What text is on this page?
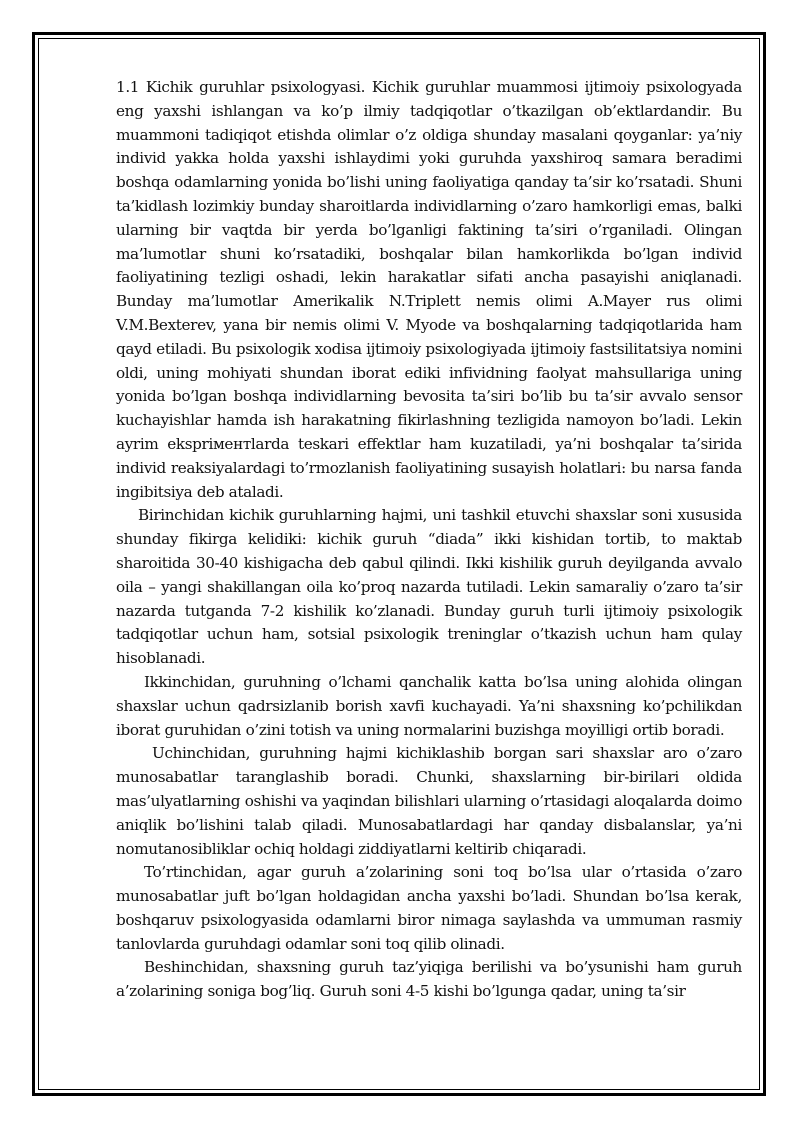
1.1 Kichik guruhlar psixologyasi. Kichik guruhlar muammosi ijtimoiy psixologyada eng yaxshi ishlangan va ko’p ilmiy tadqiqotlar o’tkazilgan ob’ektlardandir. Bu muammoni tadiqiqot etishda olimlar o’z oldiga shunday masalani qoyganlar: ya’niy individ yakka holda yaxshi ishlaydimi yoki guruhda yaxshiroq samara beradimi boshqa odamlarning yonida bo’lishi uning faoliyatiga qanday ta’sir ko’rsatadi. Shuni ta’kidlash lozimkiy bunday sharoitlarda individlarning o’zaro hamkorligi emas, balki ularning bir vaqtda bir yerda bo’lganligi faktining ta’siri o’rganiladi. Olingan ma’lumotlar shuni ko’rsatadiki, boshqalar bilan hamkorlikda bo’lgan individ faoliyatining tezligi oshadi, lekin harakatlar sifati ancha pasayishi aniqlanadi. Bunday ma’lumotlar Amerikalik N.Triplett nemis olimi A.Mayer rus olimi V.M.Bexterev, yana bir nemis olimi V. Myode va boshqalarning tadqiqotlarida ham qayd etiladi. Bu psixologik xodisa ijtimoiy psixologiyada ijtimoiy fastsilitatsiya nomini oldi, uning mohiyati shundan iborat ediki infividning faolyat mahsullariga uning yonida bo’lgan boshqa individlarning bevosita ta’siri bo’lib bu ta’sir avvalo sensor kuchayishlar hamda ish harakatning fikirlashning tezligida namoyon bo’ladi. Lekin ayrim ekspriментlarda teskari effektlar ham kuzatiladi, ya’ni boshqalar ta’sirida individ reaksiyalardagi to’rmozlanish faoliyatining susayish holatlari: bu narsa fanda ingibitsiya deb ataladi.

Birinchidan kichik guruhlarning hajmi, uni tashkil etuvchi shaxslar soni xususida shunday fikirga kelidiki: kichik guruh “diada” ikki kishidan tortib, to maktab sharoitida 30-40 kishigacha deb qabul qilindi. Ikki kishilik guruh deyilganda avvalo oila – yangi shakillangan oila ko’proq nazarda tutiladi. Lekin samaraliy o’zaro ta’sir nazarda tutganda 7-2 kishilik ko’zlanadi. Bunday guruh turli ijtimoiy psixologik tadqiqotlar uchun ham, sotsial psixologik treninglar o’tkazish uchun ham qulay hisoblanadi.

Ikkinchidan, guruhning o’lchami qanchalik katta bo’lsa uning alohida olingan shaxslar uchun qadrsizlanib borish xavfi kuchayadi. Ya’ni shaxsning ko’pchilikdan iborat guruhidan o’zini totish va uning normalarini buzishga moyilligi ortib boradi.

Uchinchidan, guruhning hajmi kichiklashib borgan sari shaxslar aro o’zaro munosabatlar taranglashib boradi. Chunki, shaxslarning bir-birilari oldida mas’ulyatlarning oshishi va yaqindan bilishlari ularning o’rtasidagi aloqalarda doimo aniqlik bo’lishini talab qiladi. Munosabatlardagi har qanday disbalanslar, ya’ni nomutanosibliklar ochiq holdagi ziddiyatlarni keltirib chiqaradi.

To’rtinchidan, agar guruh a’zolarining soni toq bo’lsa ular o’rtasida o’zaro munosabatlar juft bo’lgan holdagidan ancha yaxshi bo’ladi. Shundan bo’lsa kerak, boshqaruv psixologyasida odamlarni biror nimaga saylashda va ummuman rasmiy tanlovlarda guruhdagi odamlar soni toq qilib olinadi.

Beshinchidan, shaxsning guruh taz’yiqiga berilishi va bo’ysunishi ham guruh a’zolarining soniga bog’liq. Guruh soni 4-5 kishi bo’lgunga qadar, uning ta’sir
